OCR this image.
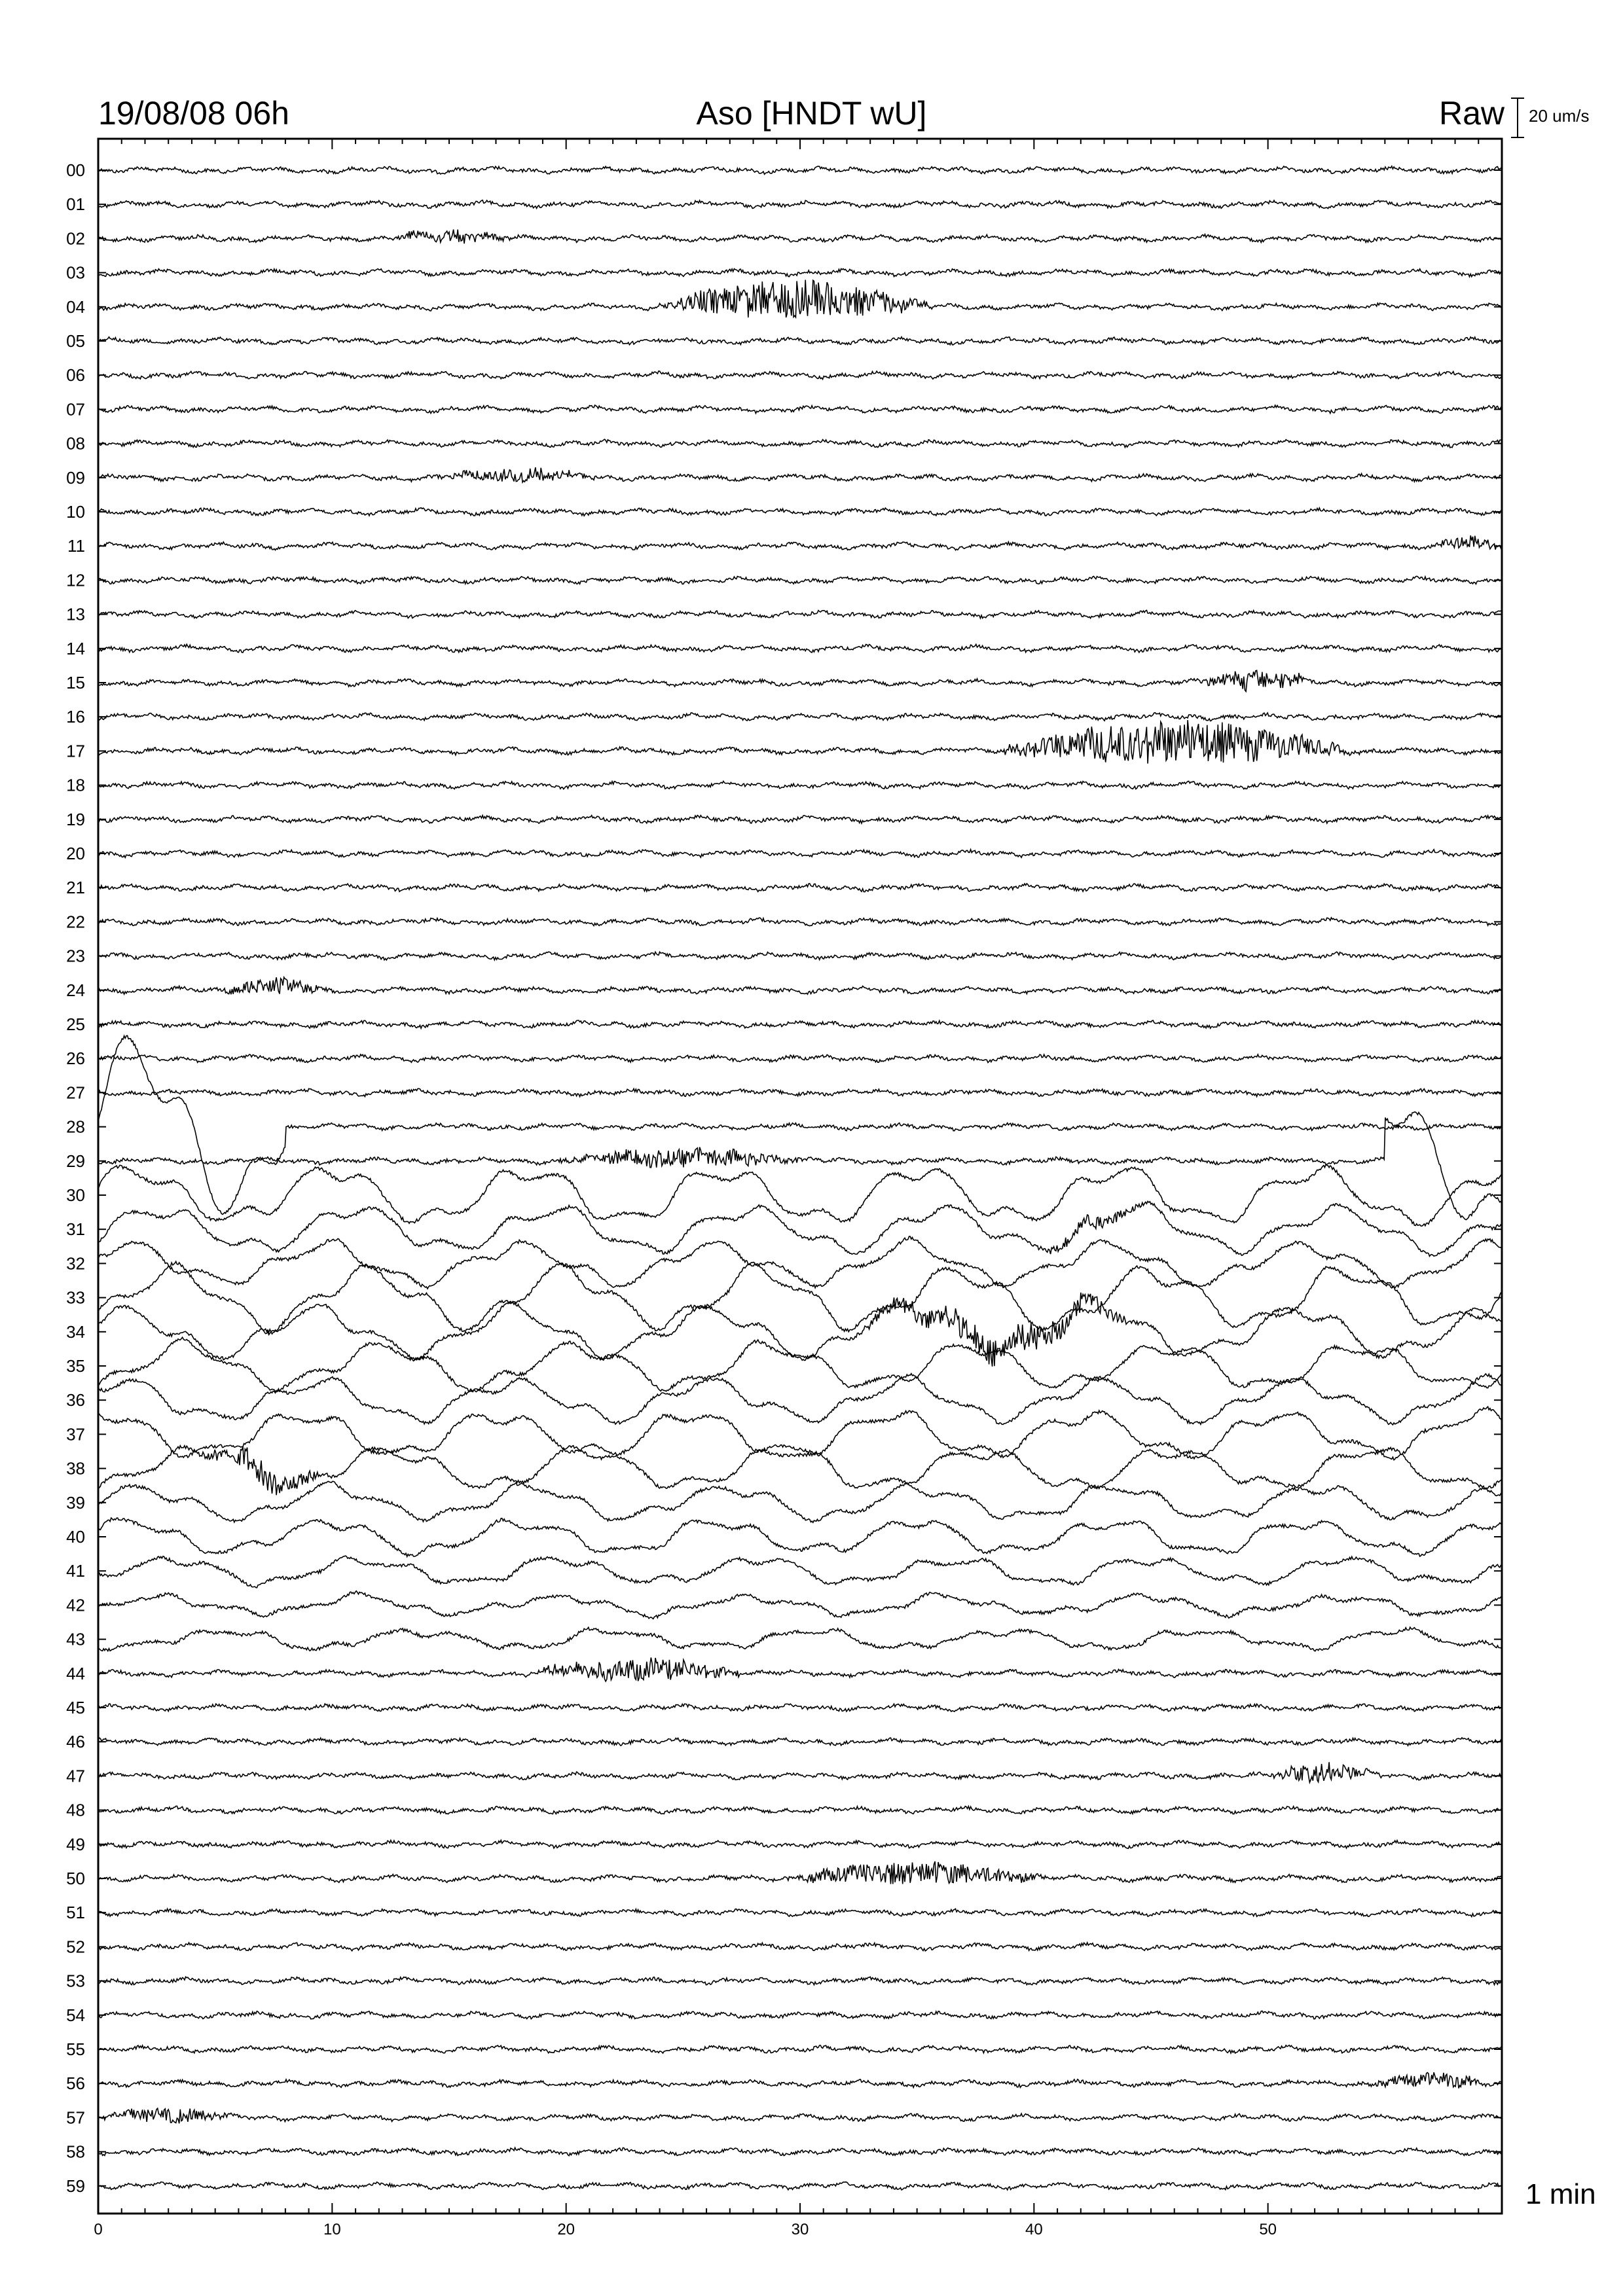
00
01
02
03
04
05
06
07
08
09
10
11
12
13
14
15
16
17
18
19
20
21
22
23
24
25
26
27
28
29
30
31
32
33
34
35
36
37
38
39
40
41
42
43
44
45
46
47
48
49
50
51
52
53
54
55
56
57
58
59
0	10	20	30	40	50
19/08/08 06h	Aso [HNDT wU]	Raw 20 um/s
1 min
